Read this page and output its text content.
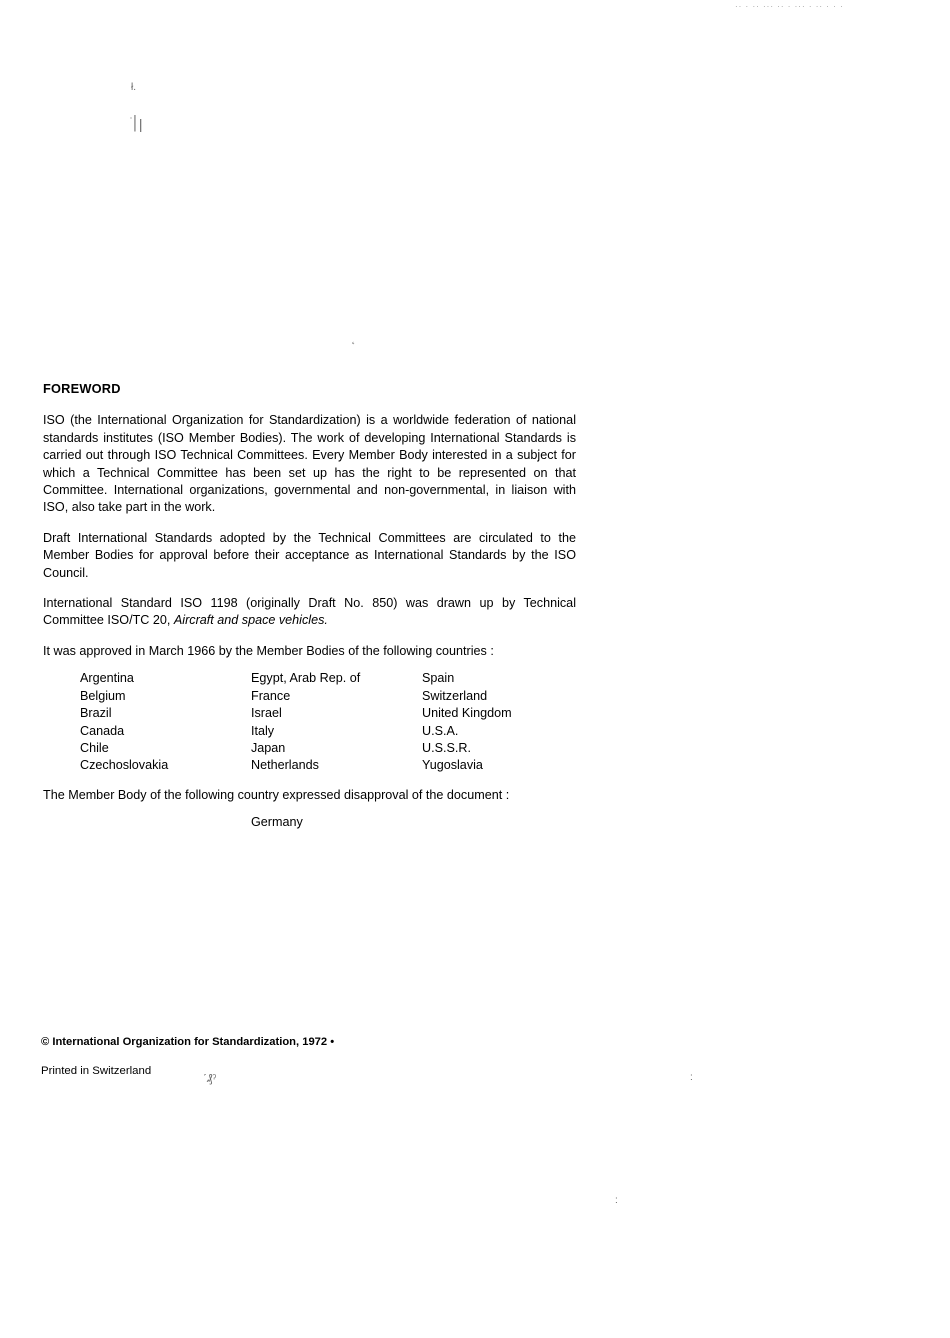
·· · ·· ··· ·· · ··· · ·· · · ·
ł.
׀ׄ|
FOREWORD

ISO (the International Organization for Standardization) is a worldwide federation of national standards institutes (ISO Member Bodies). The work of developing International Standards is carried out through ISO Technical Committees. Every Member Body interested in a subject for which a Technical Committee has been set up has the right to be represented on that Committee. International organizations, governmental and non-governmental, in liaison with ISO, also take part in the work.

Draft International Standards adopted by the Technical Committees are circulated to the Member Bodies for approval before their acceptance as International Standards by the ISO Council.

International Standard ISO 1198 (originally Draft No. 850) was drawn up by Technical Committee ISO/TC 20, Aircraft and space vehicles.

It was approved in March 1966 by the Member Bodies of the following countries :

Argentina
Belgium
Brazil
Canada
Chile
Czechoslovakia
Egypt, Arab Rep. of
France
Israel
Italy
Japan
Netherlands
Spain
Switzerland
United Kingdom
U.S.A.
U.S.S.R.
Yugoslavia

The Member Body of the following country expressed disapproval of the document :

Germany
© International Organization for Standardization, 1972 •
Printed in Switzerland
ˊ₰ˀ	:
˛
:
